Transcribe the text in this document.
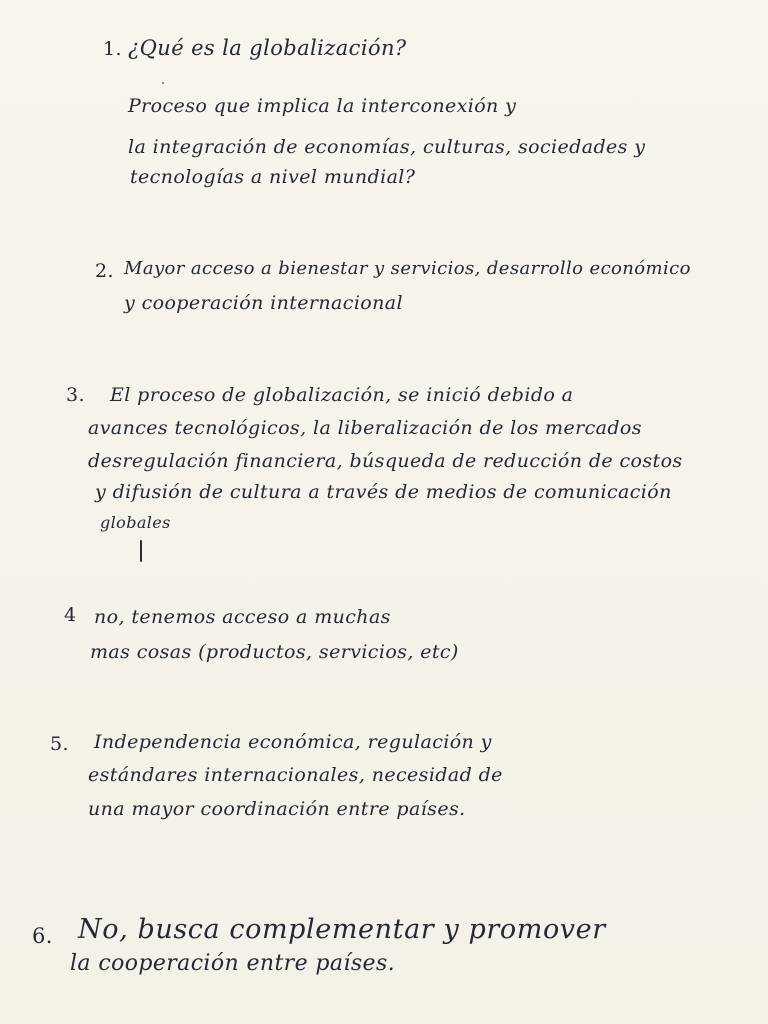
1. ¿Qué es la globalización?
Proceso que implica la interconexión y
la integración de economías, culturas, sociedades y
tecnologías a nivel mundial?
2. Mayor acceso a bienestar y servicios, desarrollo económico
y cooperación internacional
3. El proceso de globalización, se inició debido a
avances tecnológicos, la liberalización de los mercados
desregulación financiera, búsqueda de reducción de costos
y difusión de cultura a través de medios de comunicación
globales
4 no, tenemos acceso a muchas
mas cosas (productos, servicios, etc)
5. Independencia económica, regulación y
estándares internacionales, necesidad de
una mayor coordinación entre países.
6. No, busca complementar y promover
la cooperación entre países.
